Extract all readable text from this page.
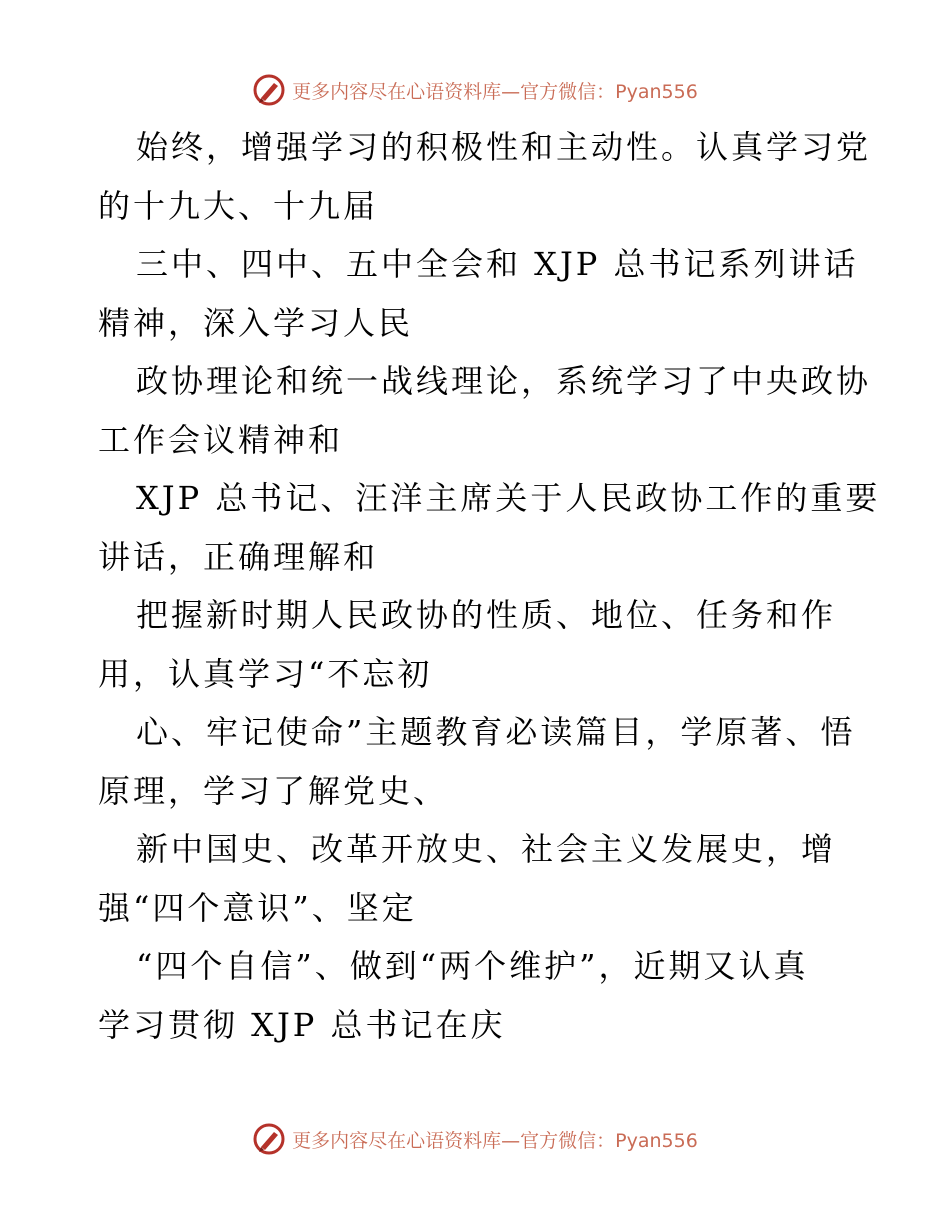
更多内容尽在心语资料库—官方微信：Pyan556
始终，增强学习的积极性和主动性。认真学习党
的十九大、十九届
三中、四中、五中全会和 XJP 总书记系列讲话
精神，深入学习人民
政协理论和统一战线理论，系统学习了中央政协
工作会议精神和
XJP 总书记、汪洋主席关于人民政协工作的重要
讲话，正确理解和
把握新时期人民政协的性质、地位、任务和作
用，认真学习“不忘初
心、牢记使命”主题教育必读篇目，学原著、悟
原理，学习了解党史、
新中国史、改革开放史、社会主义发展史，增
强“四个意识”、坚定
“四个自信”、做到“两个维护”，近期又认真
学习贯彻 XJP 总书记在庆
更多内容尽在心语资料库—官方微信：Pyan556
